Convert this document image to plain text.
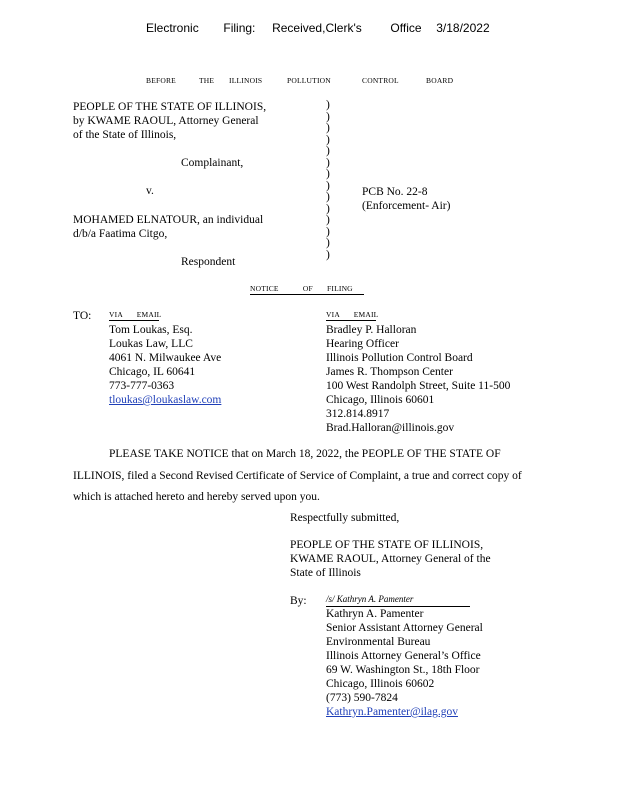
Electronic Filing: Received,Clerk's Office 3/18/2022
BEFORE	THE ILLINOIS	POLLUTION	CONTROL	BOARD
PEOPLE OF THE STATE OF ILLINOIS,
by KWAME RAOUL, Attorney General
of the State of Illinois,
Complainant,
v.
MOHAMED ELNATOUR, an individual
d/b/a Faatima Citgo,
Respondent
)
)
)
)
)
)
)
)
)
)
)
)
)
)
PCB No. 22-8
(Enforcement- Air)
NOTICE	OF FILING
TO: VIA EMAIL
Tom Loukas, Esq.
Loukas Law, LLC
4061 N. Milwaukee Ave
Chicago, IL 60641
773-777-0363
tloukas@loukaslaw.com
VIA EMAIL
Bradley P. Halloran
Hearing Officer
Illinois Pollution Control Board
James R. Thompson Center
100 West Randolph Street, Suite 11-500
Chicago, Illinois 60601
312.814.8917
Brad.Halloran@illinois.gov
PLEASE TAKE NOTICE that on March 18, 2022, the PEOPLE OF THE STATE OF
ILLINOIS, filed a Second Revised Certificate of Service of Complaint, a true and correct copy of
which is attached hereto and hereby served upon you.
Respectfully submitted,
PEOPLE OF THE STATE OF ILLINOIS,
KWAME RAOUL, Attorney General of the
State of Illinois
By: /s/ Kathryn A. Pamenter
Kathryn A. Pamenter
Senior Assistant Attorney General
Environmental Bureau
Illinois Attorney General’s Office
69 W. Washington St., 18th Floor
Chicago, Illinois 60602
(773) 590-7824
Kathryn.Pamenter@ilag.gov
